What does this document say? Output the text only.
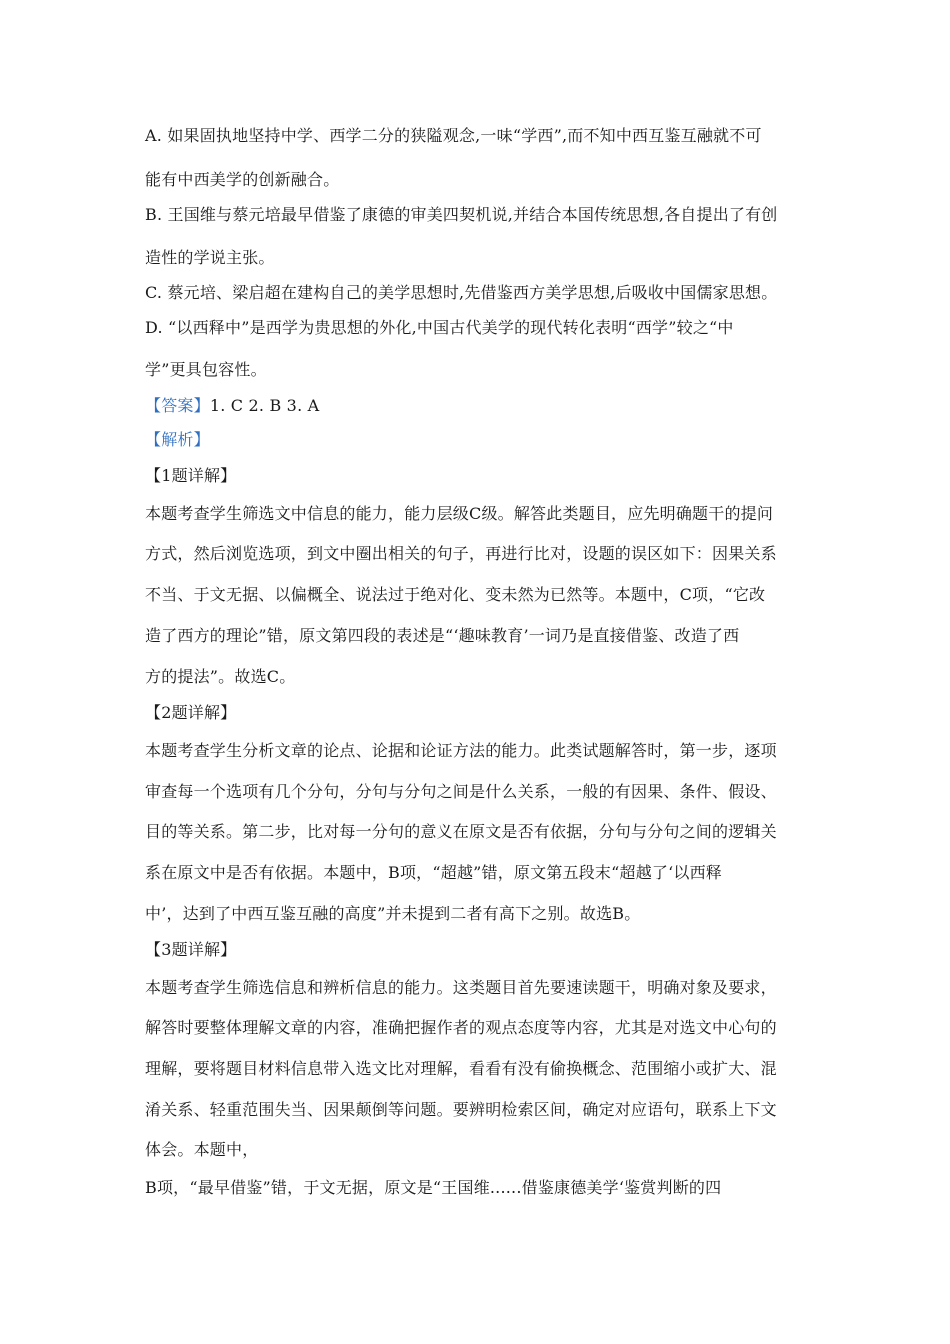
A. 如果固执地坚持中学、西学二分的狭隘观念,一味“学西”,而不知中西互鉴互融就不可
能有中西美学的创新融合。
B. 王国维与蔡元培最早借鉴了康德的审美四契机说,并结合本国传统思想,各自提出了有创
造性的学说主张。
C. 蔡元培、梁启超在建构自己的美学思想时,先借鉴西方美学思想,后吸收中国儒家思想。
D. “以西释中”是西学为贵思想的外化,中国古代美学的现代转化表明“西学”较之“中
学”更具包容性。
【答案】1. C 2. B 3. A
【解析】
【1题详解】
本题考查学生筛选文中信息的能力，能力层级C级。解答此类题目，应先明确题干的提问
方式，然后浏览选项，到文中圈出相关的句子，再进行比对，设题的误区如下：因果关系
不当、于文无据、以偏概全、说法过于绝对化、变未然为已然等。本题中，C项，“它改
造了西方的理论”错，原文第四段的表述是“‘趣味教育’一词乃是直接借鉴、改造了西
方的提法”。故选C。
【2题详解】
本题考查学生分析文章的论点、论据和论证方法的能力。此类试题解答时，第一步，逐项
审查每一个选项有几个分句，分句与分句之间是什么关系，一般的有因果、条件、假设、
目的等关系。第二步，比对每一分句的意义在原文是否有依据，分句与分句之间的逻辑关
系在原文中是否有依据。本题中，B项，“超越”错，原文第五段末“超越了‘以西释
中’，达到了中西互鉴互融的高度”并未提到二者有高下之别。故选B。
【3题详解】
本题考查学生筛选信息和辨析信息的能力。这类题目首先要速读题干，明确对象及要求，
解答时要整体理解文章的内容，准确把握作者的观点态度等内容，尤其是对选文中心句的
理解，要将题目材料信息带入选文比对理解，看看有没有偷换概念、范围缩小或扩大、混
淆关系、轻重范围失当、因果颠倒等问题。要辨明检索区间，确定对应语句，联系上下文
体会。本题中，
B项，“最早借鉴”错，于文无据，原文是“王国维......借鉴康德美学‘鉴赏判断的四
